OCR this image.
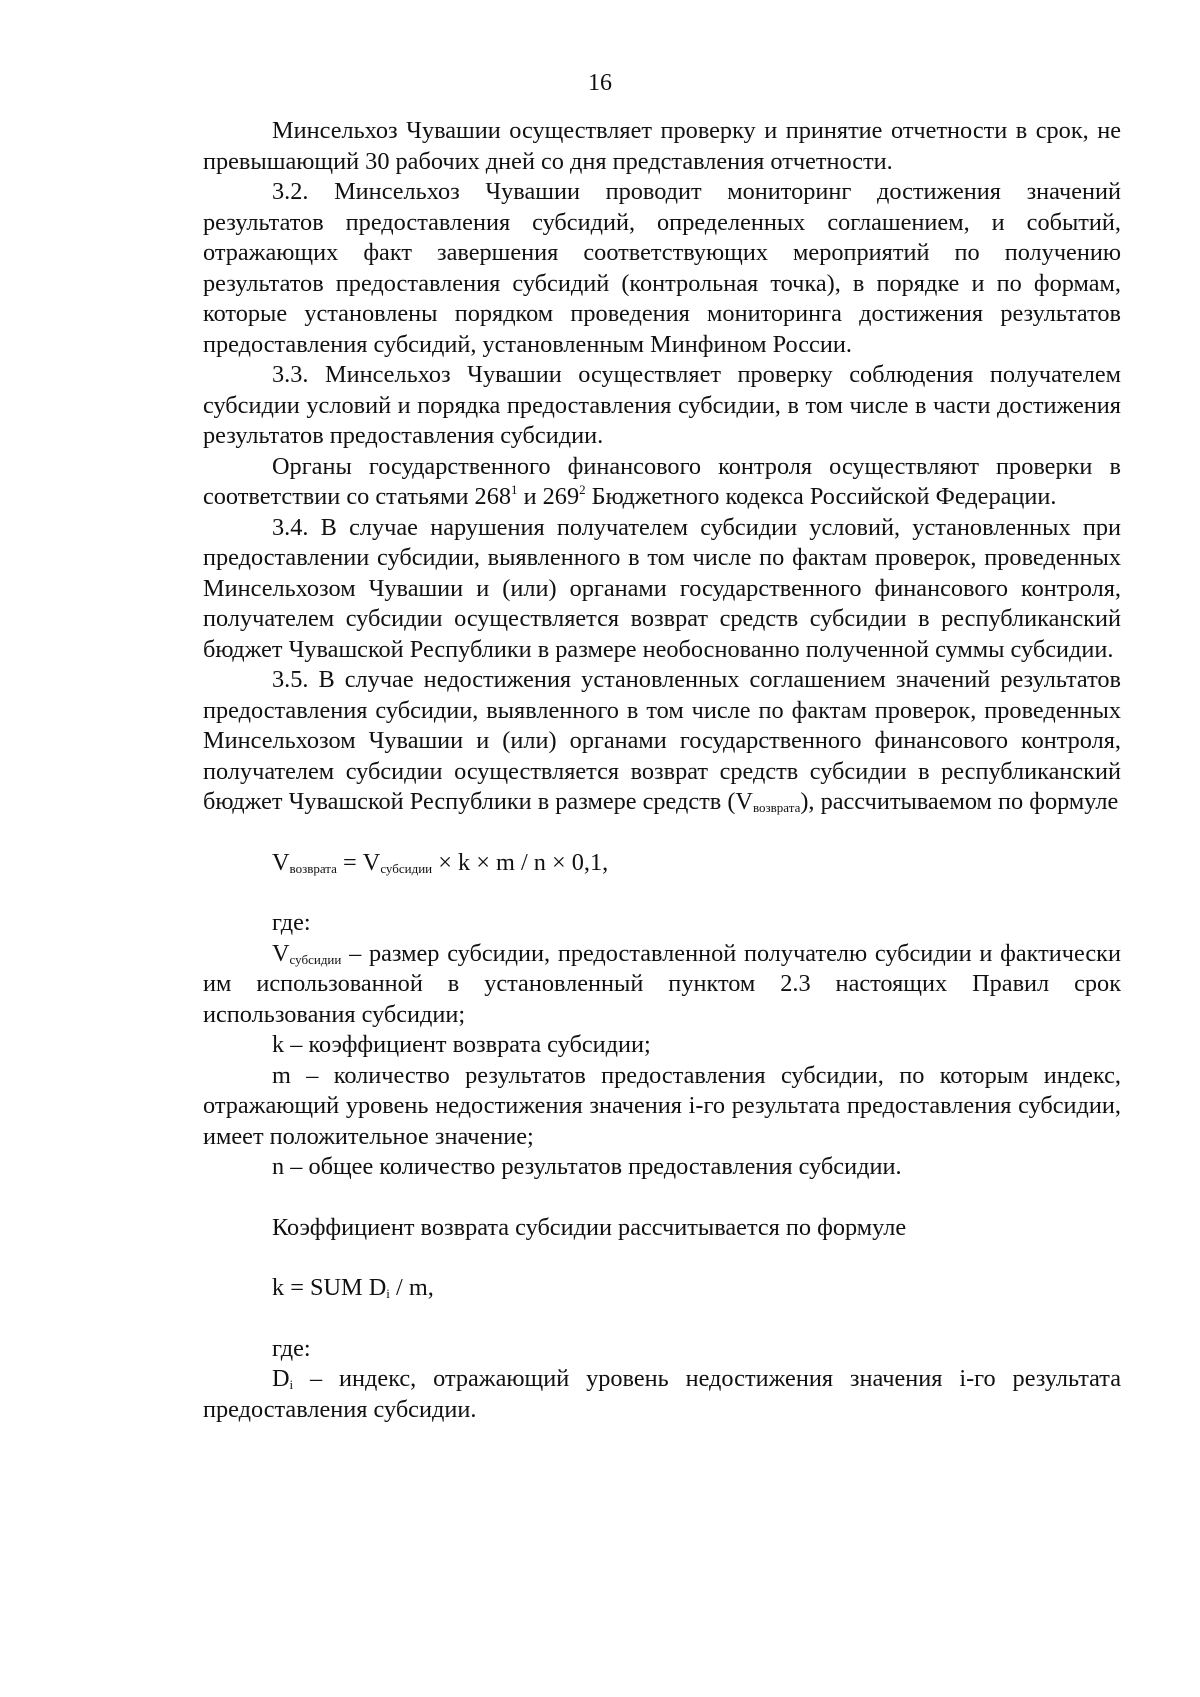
16

Минсельхоз Чувашии осуществляет проверку и принятие отчетности в срок, не превышающий 30 рабочих дней со дня представления отчетности.

3.2. Минсельхоз Чувашии проводит мониторинг достижения значений результатов предоставления субсидий, определенных соглашением, и событий, отражающих факт завершения соответствующих мероприятий по получению результатов предоставления субсидий (контрольная точка), в порядке и по формам, которые установлены порядком проведения мониторинга достижения результатов предоставления субсидий, установленным Минфином России.

3.3. Минсельхоз Чувашии осуществляет проверку соблюдения получателем субсидии условий и порядка предоставления субсидии, в том числе в части достижения результатов предоставления субсидии.

Органы государственного финансового контроля осуществляют проверки в соответствии со статьями $268^1$ и $269^2$ Бюджетного кодекса Российской Федерации.

3.4. В случае нарушения получателем субсидии условий, установленных при предоставлении субсидии, выявленного в том числе по фактам проверок, проведенных Минсельхозом Чувашии и (или) органами государственного финансового контроля, получателем субсидии осуществляется возврат средств субсидии в республиканский бюджет Чувашской Республики в размере необоснованно полученной суммы субсидии.

3.5. В случае недостижения установленных соглашением значений результатов предоставления субсидии, выявленного в том числе по фактам проверок, проведенных Минсельхозом Чувашии и (или) органами государственного финансового контроля, получателем субсидии осуществляется возврат средств субсидии в республиканский бюджет Чувашской Республики в размере средств $(V_{возврата})$, рассчитываемом по формуле

$V_{возврата} = V_{субсидии} \times k \times m / n \times 0,1$,

где:

$V_{субсидии}$ – размер субсидии, предоставленной получателю субсидии и фактически им использованной в установленный пунктом 2.3 настоящих Правил срок использования субсидии;

k – коэффициент возврата субсидии;

m – количество результатов предоставления субсидии, по которым индекс, отражающий уровень недостижения значения i-го результата предоставления субсидии, имеет положительное значение;

n – общее количество результатов предоставления субсидии.

Коэффициент возврата субсидии рассчитывается по формуле

k = SUM $D_i$ / m,

где:

$D_i$ – индекс, отражающий уровень недостижения значения i-го результата предоставления субсидии.
